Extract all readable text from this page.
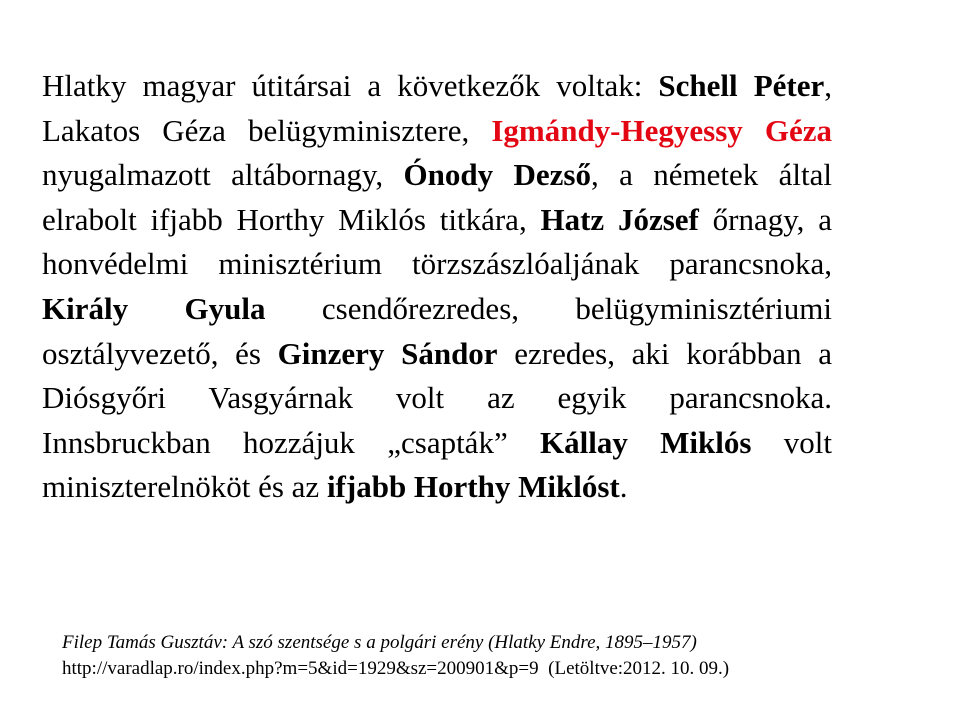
Hlatky magyar útitársai a következők voltak: Schell Péter, Lakatos Géza belügyminisztere, Igmándy-Hegyessy Géza nyugalmazott altábornagy, Ónody Dezső, a németek által elrabolt ifjabb Horthy Miklós titkára, Hatz József őrnagy, a honvédelmi minisztérium törzszászlóaljának parancsnoka, Király Gyula csendőrezredes, belügyminisztériumi osztályvezető, és Ginzery Sándor ezredes, aki korábban a Diósgyőri Vasgyárnak volt az egyik parancsnoka. Innsbruckban hozzájuk „csapták” Kállay Miklós volt miniszterelnököt és az ifjabb Horthy Miklóst.
Filep Tamás Gusztáv: A szó szentsége s a polgári erény (Hlatky Endre, 1895–1957)
http://varadlap.ro/index.php?m=5&id=1929&sz=200901&p=9 (Letöltve:2012. 10. 09.)
